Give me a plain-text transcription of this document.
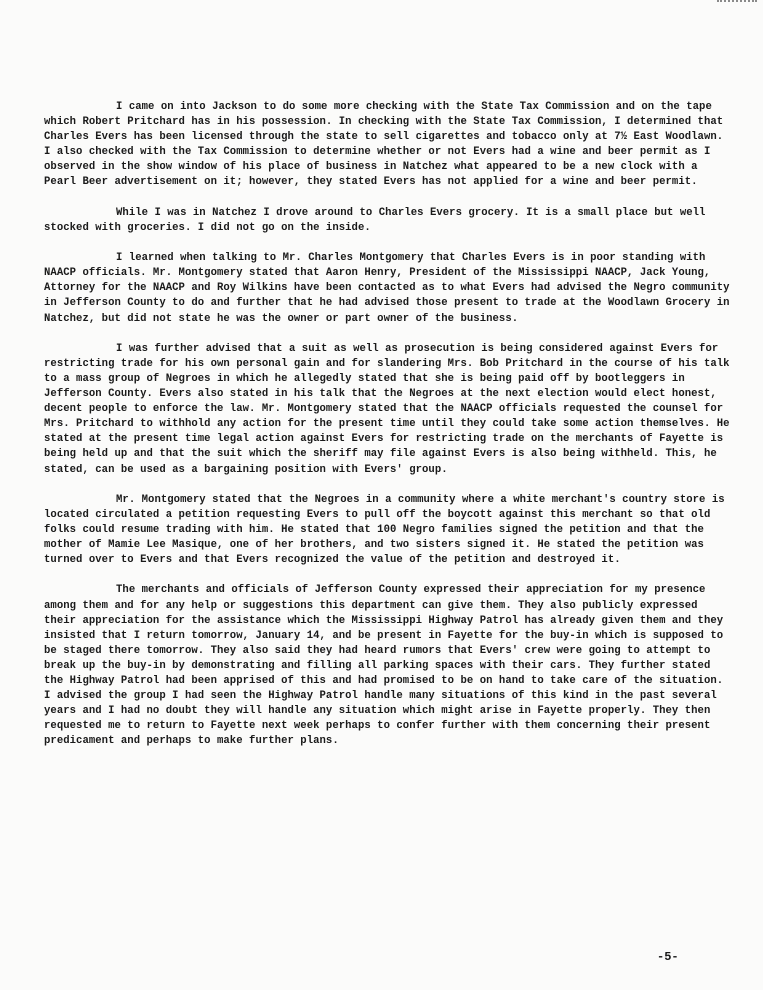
I came on into Jackson to do some more checking with the State Tax Commission and on the tape which Robert Pritchard has in his possession. In checking with the State Tax Commission, I determined that Charles Evers has been licensed through the state to sell cigarettes and tobacco only at 7½ East Woodlawn. I also checked with the Tax Commission to determine whether or not Evers had a wine and beer permit as I observed in the show window of his place of business in Natchez what appeared to be a new clock with a Pearl Beer advertisement on it; however, they stated Evers has not applied for a wine and beer permit.

While I was in Natchez I drove around to Charles Evers grocery. It is a small place but well stocked with groceries. I did not go on the inside.

I learned when talking to Mr. Charles Montgomery that Charles Evers is in poor standing with NAACP officials. Mr. Montgomery stated that Aaron Henry, President of the Mississippi NAACP, Jack Young, Attorney for the NAACP and Roy Wilkins have been contacted as to what Evers had advised the Negro community in Jefferson County to do and further that he had advised those present to trade at the Woodlawn Grocery in Natchez, but did not state he was the owner or part owner of the business.

I was further advised that a suit as well as prosecution is being considered against Evers for restricting trade for his own personal gain and for slandering Mrs. Bob Pritchard in the course of his talk to a mass group of Negroes in which he allegedly stated that she is being paid off by bootleggers in Jefferson County. Evers also stated in his talk that the Negroes at the next election would elect honest, decent people to enforce the law. Mr. Montgomery stated that the NAACP officials requested the counsel for Mrs. Pritchard to withhold any action for the present time until they could take some action themselves. He stated at the present time legal action against Evers for restricting trade on the merchants of Fayette is being held up and that the suit which the sheriff may file against Evers is also being withheld. This, he stated, can be used as a bargaining position with Evers' group.

Mr. Montgomery stated that the Negroes in a community where a white merchant's country store is located circulated a petition requesting Evers to pull off the boycott against this merchant so that old folks could resume trading with him. He stated that 100 Negro families signed the petition and that the mother of Mamie Lee Masique, one of her brothers, and two sisters signed it. He stated the petition was turned over to Evers and that Evers recognized the value of the petition and destroyed it.

The merchants and officials of Jefferson County expressed their appreciation for my presence among them and for any help or suggestions this department can give them. They also publicly expressed their appreciation for the assistance which the Mississippi Highway Patrol has already given them and they insisted that I return tomorrow, January 14, and be present in Fayette for the buy-in which is supposed to be staged there tomorrow. They also said they had heard rumors that Evers' crew were going to attempt to break up the buy-in by demonstrating and filling all parking spaces with their cars. They further stated the Highway Patrol had been apprised of this and had promised to be on hand to take care of the situation. I advised the group I had seen the Highway Patrol handle many situations of this kind in the past several years and I had no doubt they will handle any situation which might arise in Fayette properly. They then requested me to return to Fayette next week perhaps to confer further with them concerning their present predicament and perhaps to make further plans.

-5-
